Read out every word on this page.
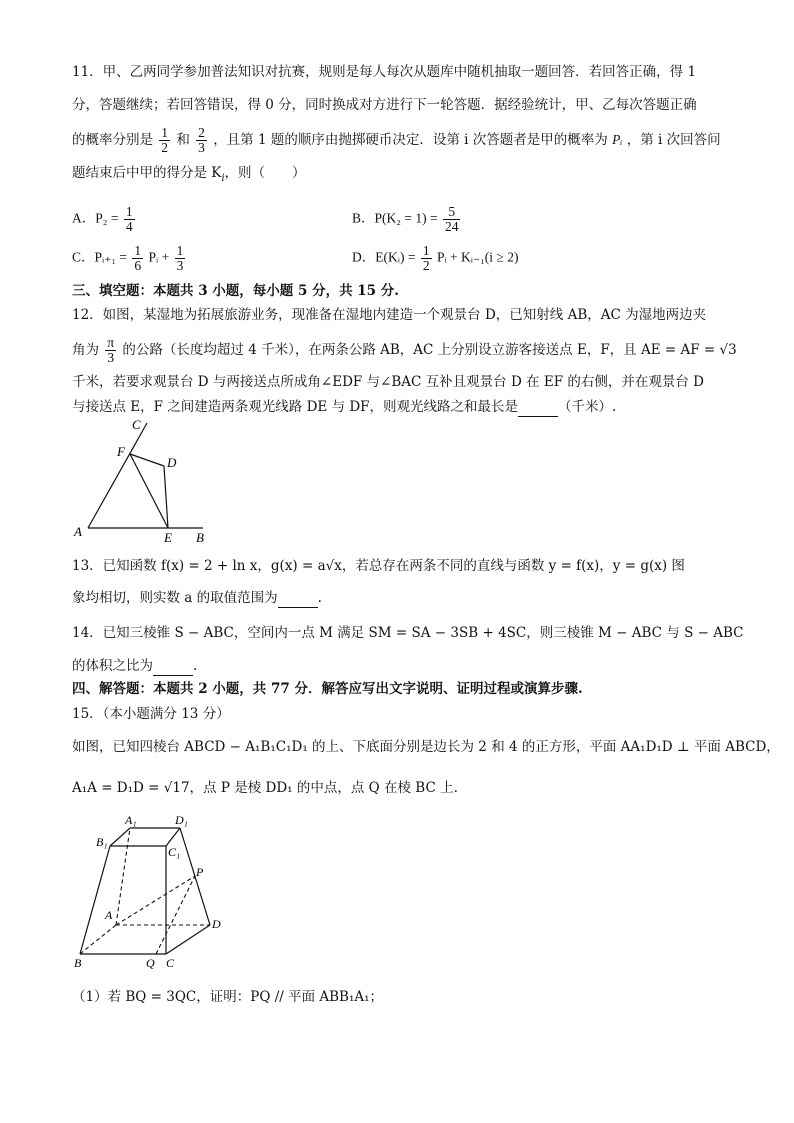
11．甲、乙两同学参加普法知识对抗赛，规则是每人每次从题库中随机抽取一题回答．若回答正确，得 1
分，答题继续；若回答错误，得 0 分，同时换成对方进行下一轮答题．据经验统计，甲、乙每次答题正确
的概率分别是 $\frac{1}{2}$ 和 $\frac{2}{3}$ ，且第 1 题的顺序由抛掷硬币决定．设第 i 次答题者是甲的概率为 Pᵢ ，第 i 次回答问
题结束后中甲的得分是 $K_i$，则（　　）
A．$P_2 = \frac{1}{4}$	B．$P(K_2 = 1) = \frac{5}{24}$
C．Pᵢ₊₁ = $\frac{1}{6}$ Pᵢ + $\frac{1}{3}$	D．E(Kᵢ) = $\frac{1}{2}$ Pᵢ + Kᵢ₋₁(i ≥ 2)
三、填空题：本题共 3 小题，每小题 5 分，共 15 分.
12．如图，某湿地为拓展旅游业务，现准备在湿地内建造一个观景台 D，已知射线 AB，AC 为湿地两边夹
角为 $\frac{\pi}{3}$ 的公路（长度均超过 4 千米），在两条公路 AB，AC 上分别设立游客接送点 E，F，且 AE = AF = √3
千米，若要求观景台 D 与两接送点所成角∠EDF 与∠BAC 互补且观景台 D 在 EF 的右侧，并在观景台 D
与接送点 E，F 之间建造两条观光线路 DE 与 DF，则观光线路之和最长是	（千米）.
C
F
D
A	E B
13．已知函数 f(x) = 2 + ln x，g(x) = a√x，若总存在两条不同的直线与函数 y = f(x)，y = g(x) 图
象均相切，则实数 a 的取值范围为	.
14．已知三棱锥 S − ABC，空间内一点 M 满足 SM = SA − 3SB + 4SC，则三棱锥 M − ABC 与 S − ABC
的体积之比为	.
四、解答题：本题共 2 小题，共 77 分．解答应写出文字说明、证明过程或演算步骤.
15．（本小题满分 13 分）
如图，已知四棱台 ABCD − A₁B₁C₁D₁ 的上、下底面分别是边长为 2 和 4 的正方形，平面 AA₁D₁D ⊥ 平面 ABCD，
A₁A = D₁D = √17，点 P 是棱 DD₁ 的中点，点 Q 在棱 BC 上.
A₁	D₁
B₁
C₁
P
A
D
B	Q C
（1）若 BQ = 3QC，证明：PQ // 平面 ABB₁A₁；
